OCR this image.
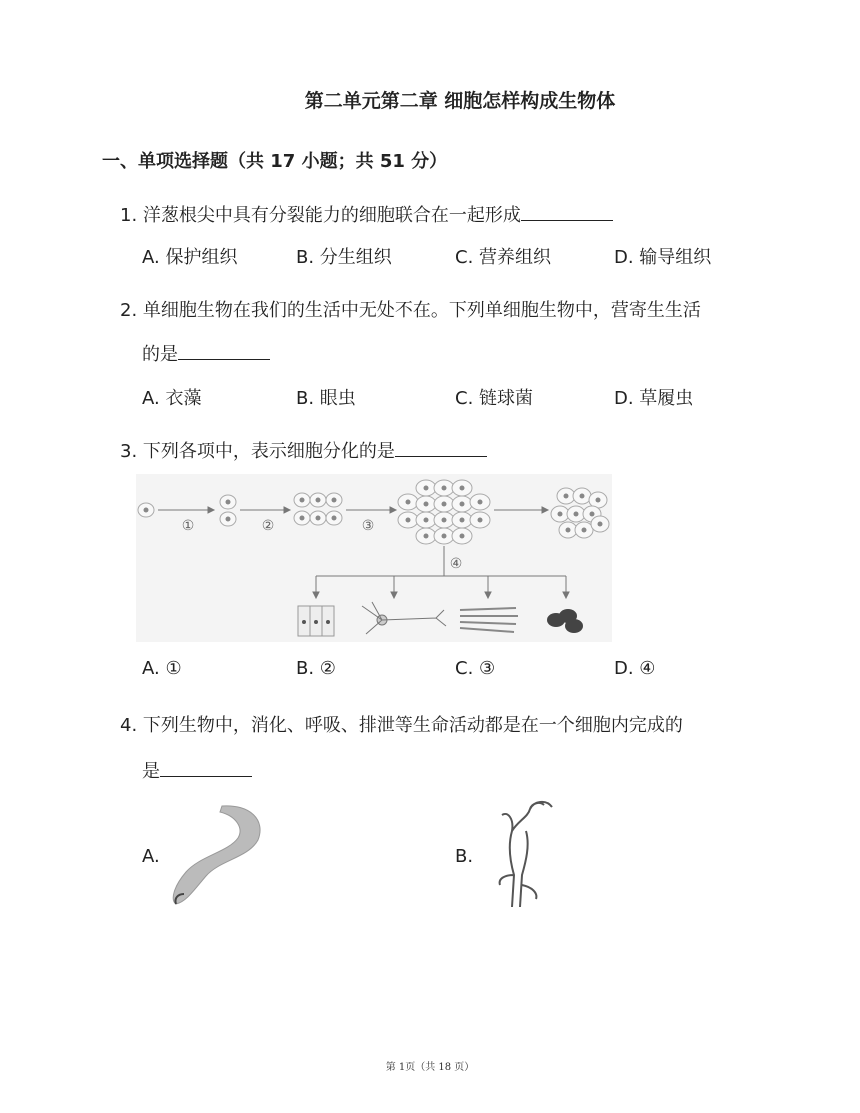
第二单元第二章 细胞怎样构成生物体
一、单项选择题（共 17 小题；共 51 分）
1. 洋葱根尖中具有分裂能力的细胞联合在一起形成
A. 保护组织	B. 分生组织	C. 营养组织	D. 输导组织
2. 单细胞生物在我们的生活中无处不在。下列单细胞生物中，营寄生生活
的是
A. 衣藻	B. 眼虫	C. 链球菌	D. 草履虫
3. 下列各项中，表示细胞分化的是
①	②	③
④
A. ①	B. ②	C. ③	D. ④
4. 下列生物中，消化、呼吸、排泄等生命活动都是在一个细胞内完成的
是
A.	B.
第 1页（共 18 页）
